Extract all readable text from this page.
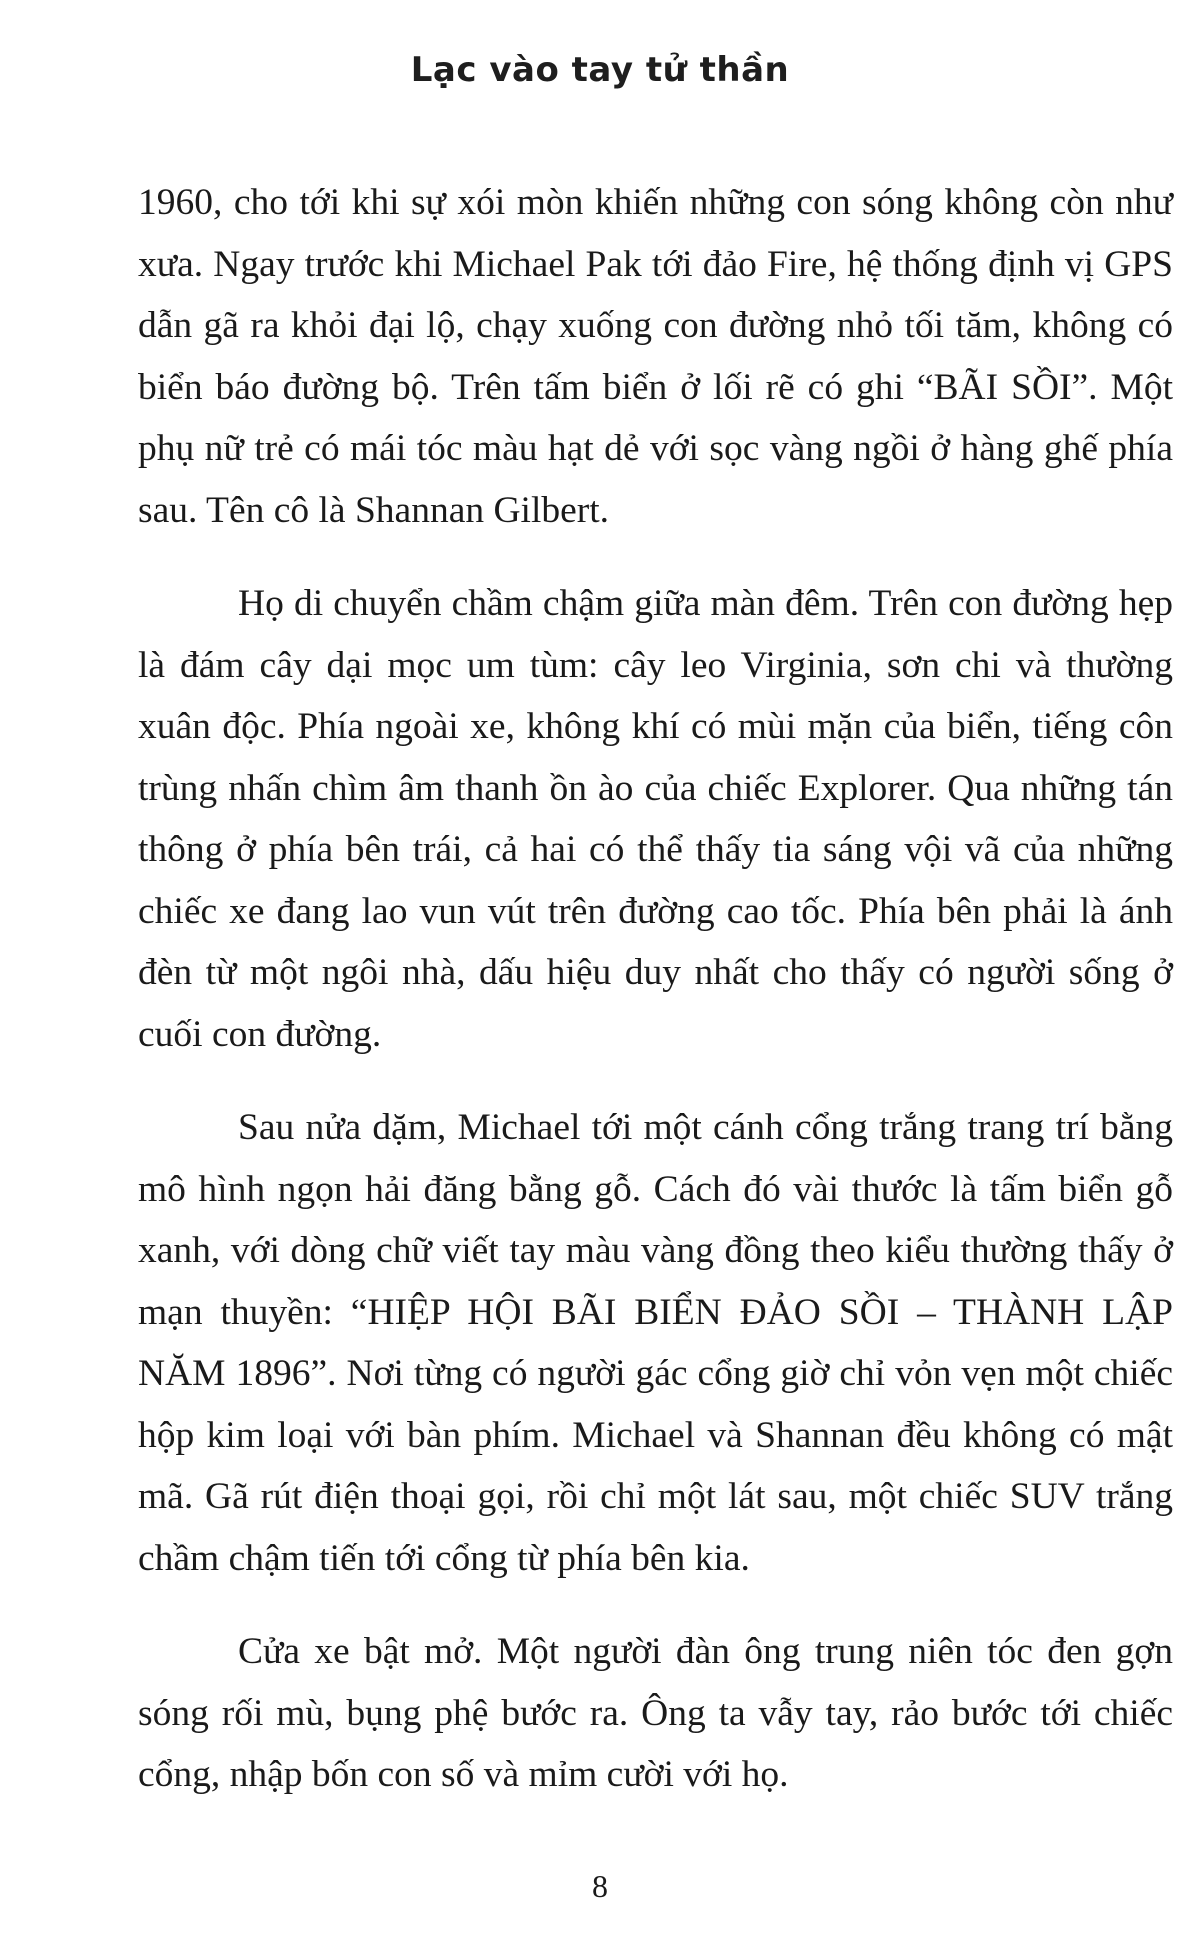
Lạc vào tay tử thần

1960, cho tới khi sự xói mòn khiến những con sóng không còn như xưa. Ngay trước khi Michael Pak tới đảo Fire, hệ thống định vị GPS dẫn gã ra khỏi đại lộ, chạy xuống con đường nhỏ tối tăm, không có biển báo đường bộ. Trên tấm biển ở lối rẽ có ghi “BÃI SỒI”. Một phụ nữ trẻ có mái tóc màu hạt dẻ với sọc vàng ngồi ở hàng ghế phía sau. Tên cô là Shannan Gilbert.

Họ di chuyển chầm chậm giữa màn đêm. Trên con đường hẹp là đám cây dại mọc um tùm: cây leo Virginia, sơn chi và thường xuân độc. Phía ngoài xe, không khí có mùi mặn của biển, tiếng côn trùng nhấn chìm âm thanh ồn ào của chiếc Explorer. Qua những tán thông ở phía bên trái, cả hai có thể thấy tia sáng vội vã của những chiếc xe đang lao vun vút trên đường cao tốc. Phía bên phải là ánh đèn từ một ngôi nhà, dấu hiệu duy nhất cho thấy có người sống ở cuối con đường.

Sau nửa dặm, Michael tới một cánh cổng trắng trang trí bằng mô hình ngọn hải đăng bằng gỗ. Cách đó vài thước là tấm biển gỗ xanh, với dòng chữ viết tay màu vàng đồng theo kiểu thường thấy ở mạn thuyền: “HIỆP HỘI BÃI BIỂN ĐẢO SỒI – THÀNH LẬP NĂM 1896”. Nơi từng có người gác cổng giờ chỉ vỏn vẹn một chiếc hộp kim loại với bàn phím. Michael và Shannan đều không có mật mã. Gã rút điện thoại gọi, rồi chỉ một lát sau, một chiếc SUV trắng chầm chậm tiến tới cổng từ phía bên kia.

Cửa xe bật mở. Một người đàn ông trung niên tóc đen gợn sóng rối mù, bụng phệ bước ra. Ông ta vẫy tay, rảo bước tới chiếc cổng, nhập bốn con số và mỉm cười với họ.

8
